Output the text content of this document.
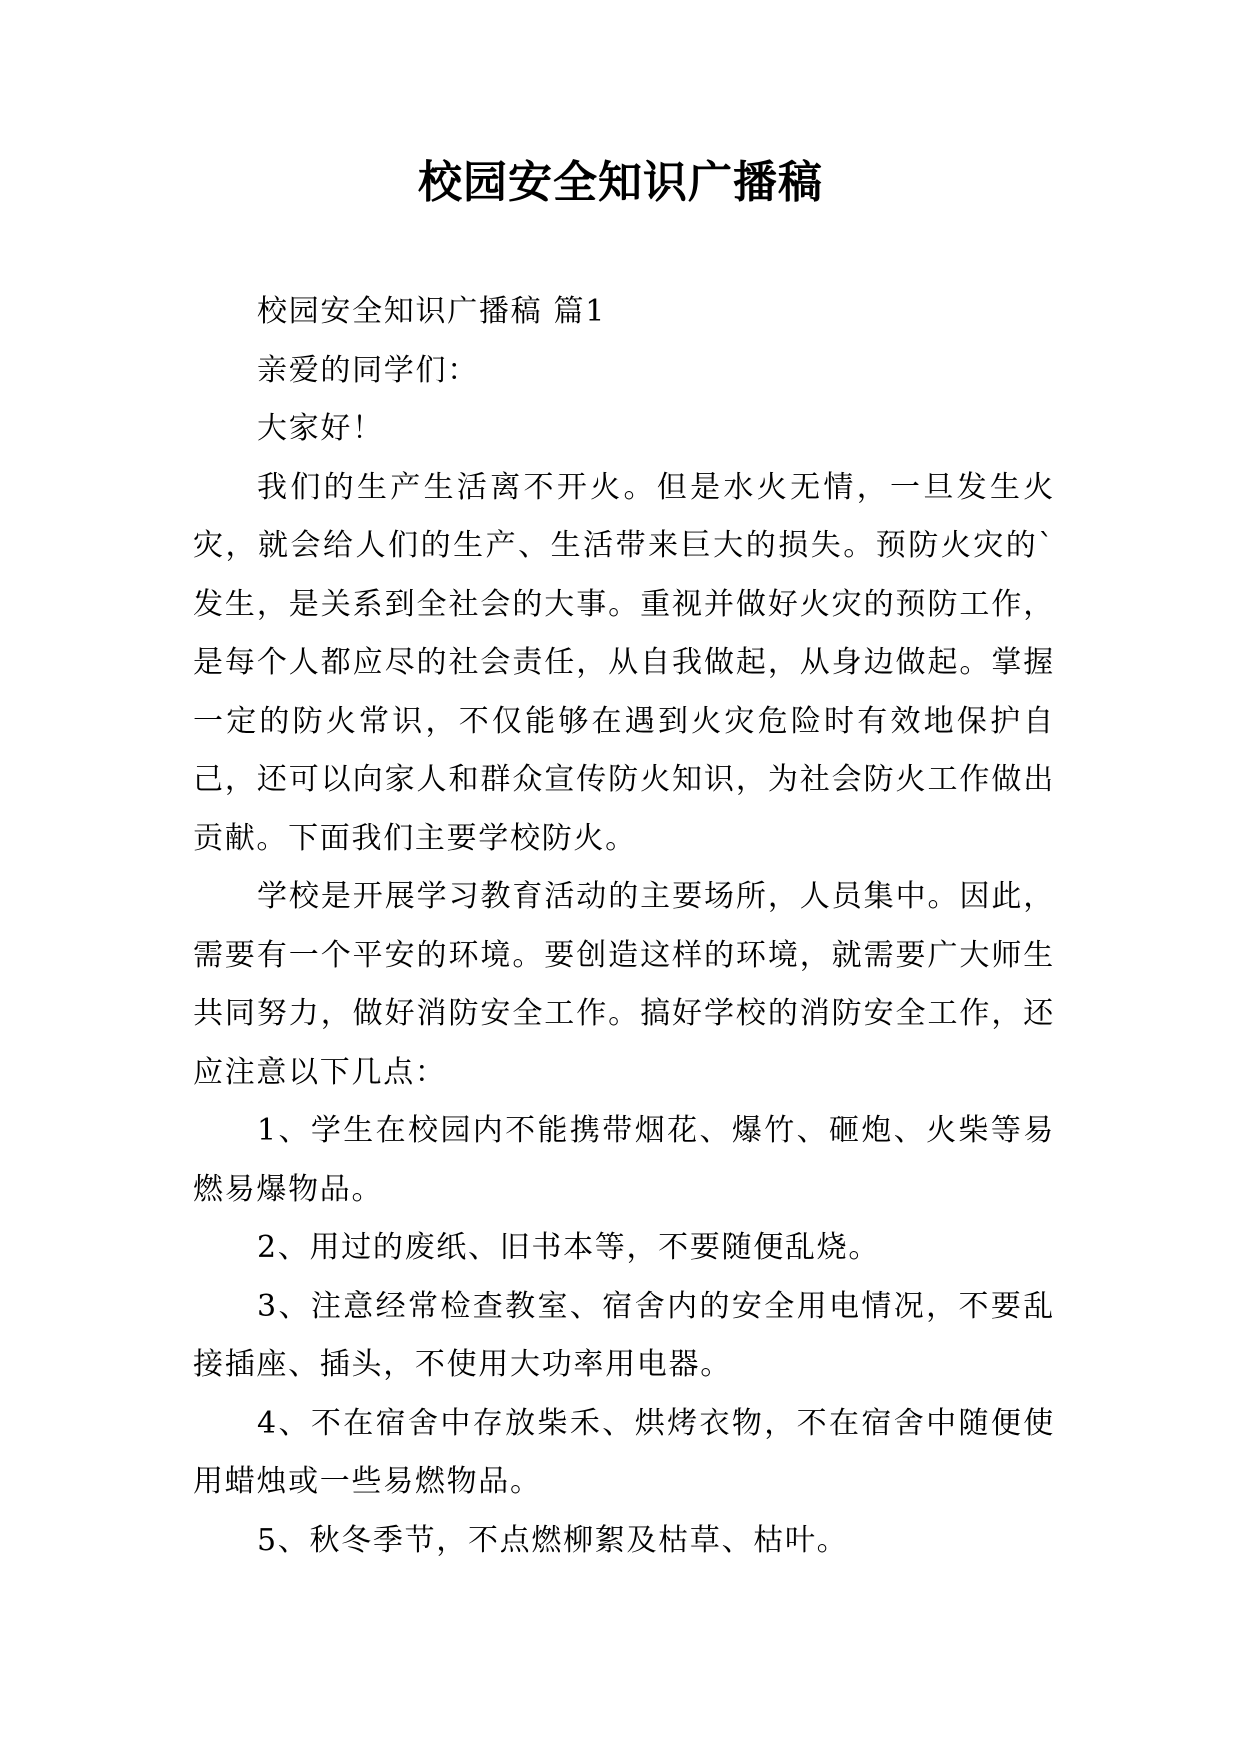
校园安全知识广播稿

校园安全知识广播稿 篇1

亲爱的同学们：

大家好！

我们的生产生活离不开火。但是水火无情，一旦发生火灾，就会给人们的生产、生活带来巨大的损失。预防火灾的`发生，是关系到全社会的大事。重视并做好火灾的预防工作，是每个人都应尽的社会责任，从自我做起，从身边做起。掌握一定的防火常识，不仅能够在遇到火灾危险时有效地保护自己，还可以向家人和群众宣传防火知识，为社会防火工作做出贡献。下面我们主要学校防火。

学校是开展学习教育活动的主要场所，人员集中。因此，需要有一个平安的环境。要创造这样的环境，就需要广大师生共同努力，做好消防安全工作。搞好学校的消防安全工作，还应注意以下几点：

1、学生在校园内不能携带烟花、爆竹、砸炮、火柴等易燃易爆物品。

2、用过的废纸、旧书本等，不要随便乱烧。

3、注意经常检查教室、宿舍内的安全用电情况，不要乱接插座、插头，不使用大功率用电器。

4、不在宿舍中存放柴禾、烘烤衣物，不在宿舍中随便使用蜡烛或一些易燃物品。

5、秋冬季节，不点燃柳絮及枯草、枯叶。
